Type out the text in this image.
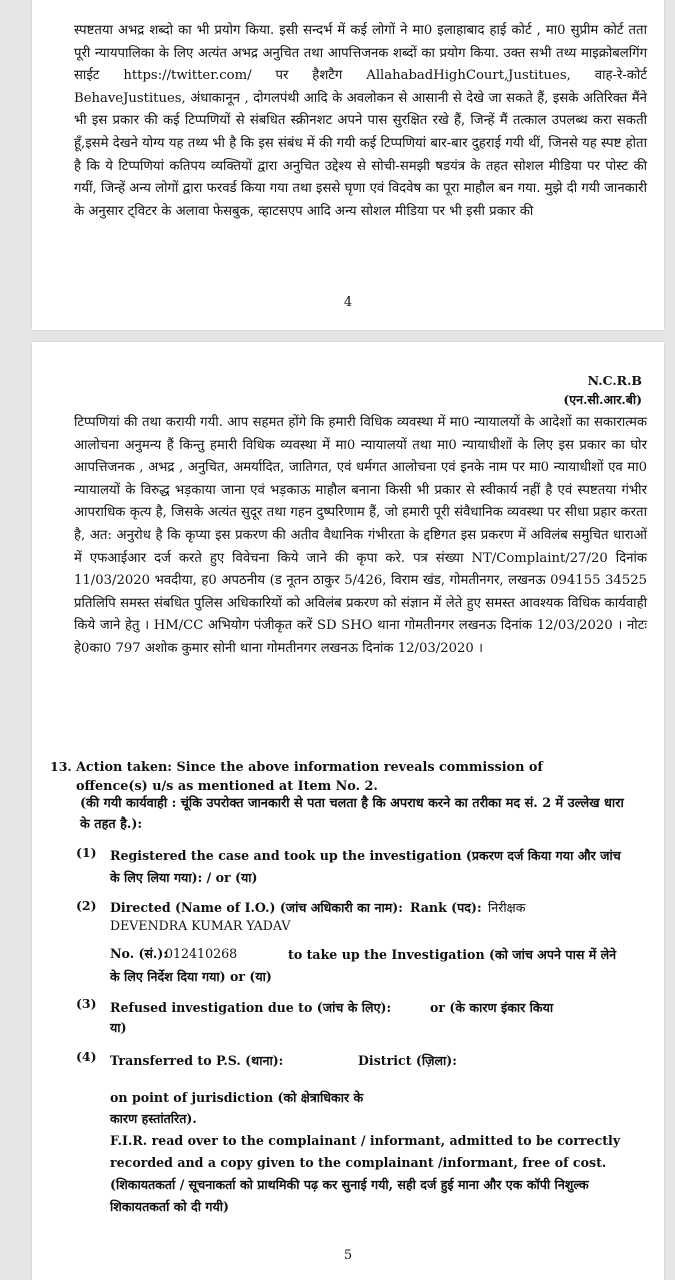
स्पष्टतया अभद्र शब्दो का भी प्रयोग किया. इसी सन्दर्भ में कई लोगों ने मा0 इलाहाबाद हाई कोर्ट , मा0 सुप्रीम कोर्ट तता पूरी न्यायपालिका के लिए अत्यंत अभद्र अनुचित तथा आपत्तिजनक शब्दों का प्रयोग किया. उक्त सभी तथ्य माइक्रोबलगिंग साईट https://twitter.com/ पर हैशटैग AllahabadHighCourt,Justitues, वाह-रे-कोर्ट BehaveJustitues, अंधाकानून , दोगलपंथी आदि के अवलोकन से आसानी से देखे जा सकते हैं, इसके अतिरिक्त मैंने भी इस प्रकार की कई टिप्पणियों से संबधित स्क्रीनशट अपने पास सुरक्षित रखे हैं, जिन्हें मैं तत्काल उपलब्ध करा सकती हूँ,इसमे देखने योग्य यह तथ्य भी है कि इस संबंध में की गयी कई टिप्पणियां बार-बार दुहराई गयी थीं, जिनसे यह स्पष्ट होता है कि ये टिप्पणियां कतिपय व्यक्तियों द्वारा अनुचित उद्देश्य से सोची-समझी षडयंत्र के तहत सोशल मीडिया पर पोस्ट की गयीं, जिन्हें अन्य लोगों द्वारा फरवर्ड किया गया तथा इससे घृणा एवं विदवेष का पूरा माहौल बन गया. मुझे दी गयी जानकारी के अनुसार ट्विटर के अलावा फेसबुक, व्हाटसएप आदि अन्य सोशल मीडिया पर भी इसी प्रकार की

4
N.C.R.B
(एन.सी.आर.बी)

टिप्पणियां की तथा करायी गयी. आप सहमत होंगे कि हमारी विधिक व्यवस्था में मा0 न्यायालयों के आदेशों का सकारात्मक आलोचना अनुमन्य हैं किन्तु हमारी विधिक व्यवस्था में मा0 न्यायालयों तथा मा0 न्यायाधीशों के लिए इस प्रकार का घोर आपत्तिजनक , अभद्र , अनुचित, अमर्यादित, जातिगत, एवं धर्मगत आलोचना एवं इनके नाम पर मा0 न्यायाधीशों एव मा0 न्यायालयों के विरुद्ध भड़काया जाना एवं भड़काऊ माहौल बनाना किसी भी प्रकार से स्वीकार्य नहीं है एवं स्पष्टतया गंभीर आपराधिक कृत्य है, जिसके अत्यंत सुदूर तथा गहन दुष्परिणाम हैं, जो हमारी पूरी संवैधानिक व्यवस्था पर सीधा प्रहार करता है, अत: अनुरोध है कि कृप्या इस प्रकरण की अतीव वैधानिक गंभीरता के द्दष्टिगत इस प्रकरण में अविलंब समुचित धाराओं में एफआईआर दर्ज करते हुए विवेचना किये जाने की कृपा करे. पत्र संख्या NT/Complaint/27/20 दिनांक 11/03/2020 भवदीया, ह0 अपठनीय (ड नूतन ठाकुर 5/426, विराम खंड, गोमतीनगर, लखनऊ 094155 34525 प्रतिलिपि समस्त संबधित पुलिस अधिकारियों को अविलंब प्रकरण को संज्ञान में लेते हुए समस्त आवश्यक विधिक कार्यवाही किये जाने हेतु । HM/CC अभियोग पंजीकृत करें SD SHO थाना गोमतीनगर लखनऊ दिनांक 12/03/2020 । नोटः हे0का0 797 अशोक कुमार सोनी थाना गोमतीनगर लखनऊ दिनांक 12/03/2020 ।

13. Action taken: Since the above information reveals commission of offence(s) u/s as mentioned at Item No. 2.

(की गयी कार्यवाही : चूंकि उपरोक्त जानकारी से पता चलता है कि अपराध करने का तरीका मद सं. 2 में उल्लेख धारा के तहत है.):

(1) Registered the case and took up the investigation (प्रकरण दर्ज किया गया और जांच के लिए लिया गया): / or (या)

(2) Directed (Name of I.O.) (जांच अधिकारी का नाम): Rank (पद): निरीक्षक
DEVENDRA KUMAR YADAV
No. (सं.):
012410268	to take up the Investigation (को जांच अपने पास में लेने के लिए निर्देश दिया गया) or (या)

(3) Refused investigation due to (जांच के लिए):	or (के कारण इंकार किया
या)
(4) Transferred to P.S. (थाना):	District (ज़िला):

on point of jurisdiction (को क्षेत्राधिकार के कारण हस्तांतरित).

F.I.R. read over to the complainant / informant, admitted to be correctly recorded and a copy given to the complainant /informant, free of cost. (शिकायतकर्ता / सूचनाकर्ता को प्राथमिकी पढ़ कर सुनाई गयी, सही दर्ज हुई माना और एक कॉपी निशुल्क शिकायतकर्ता को दी गयी)

5
